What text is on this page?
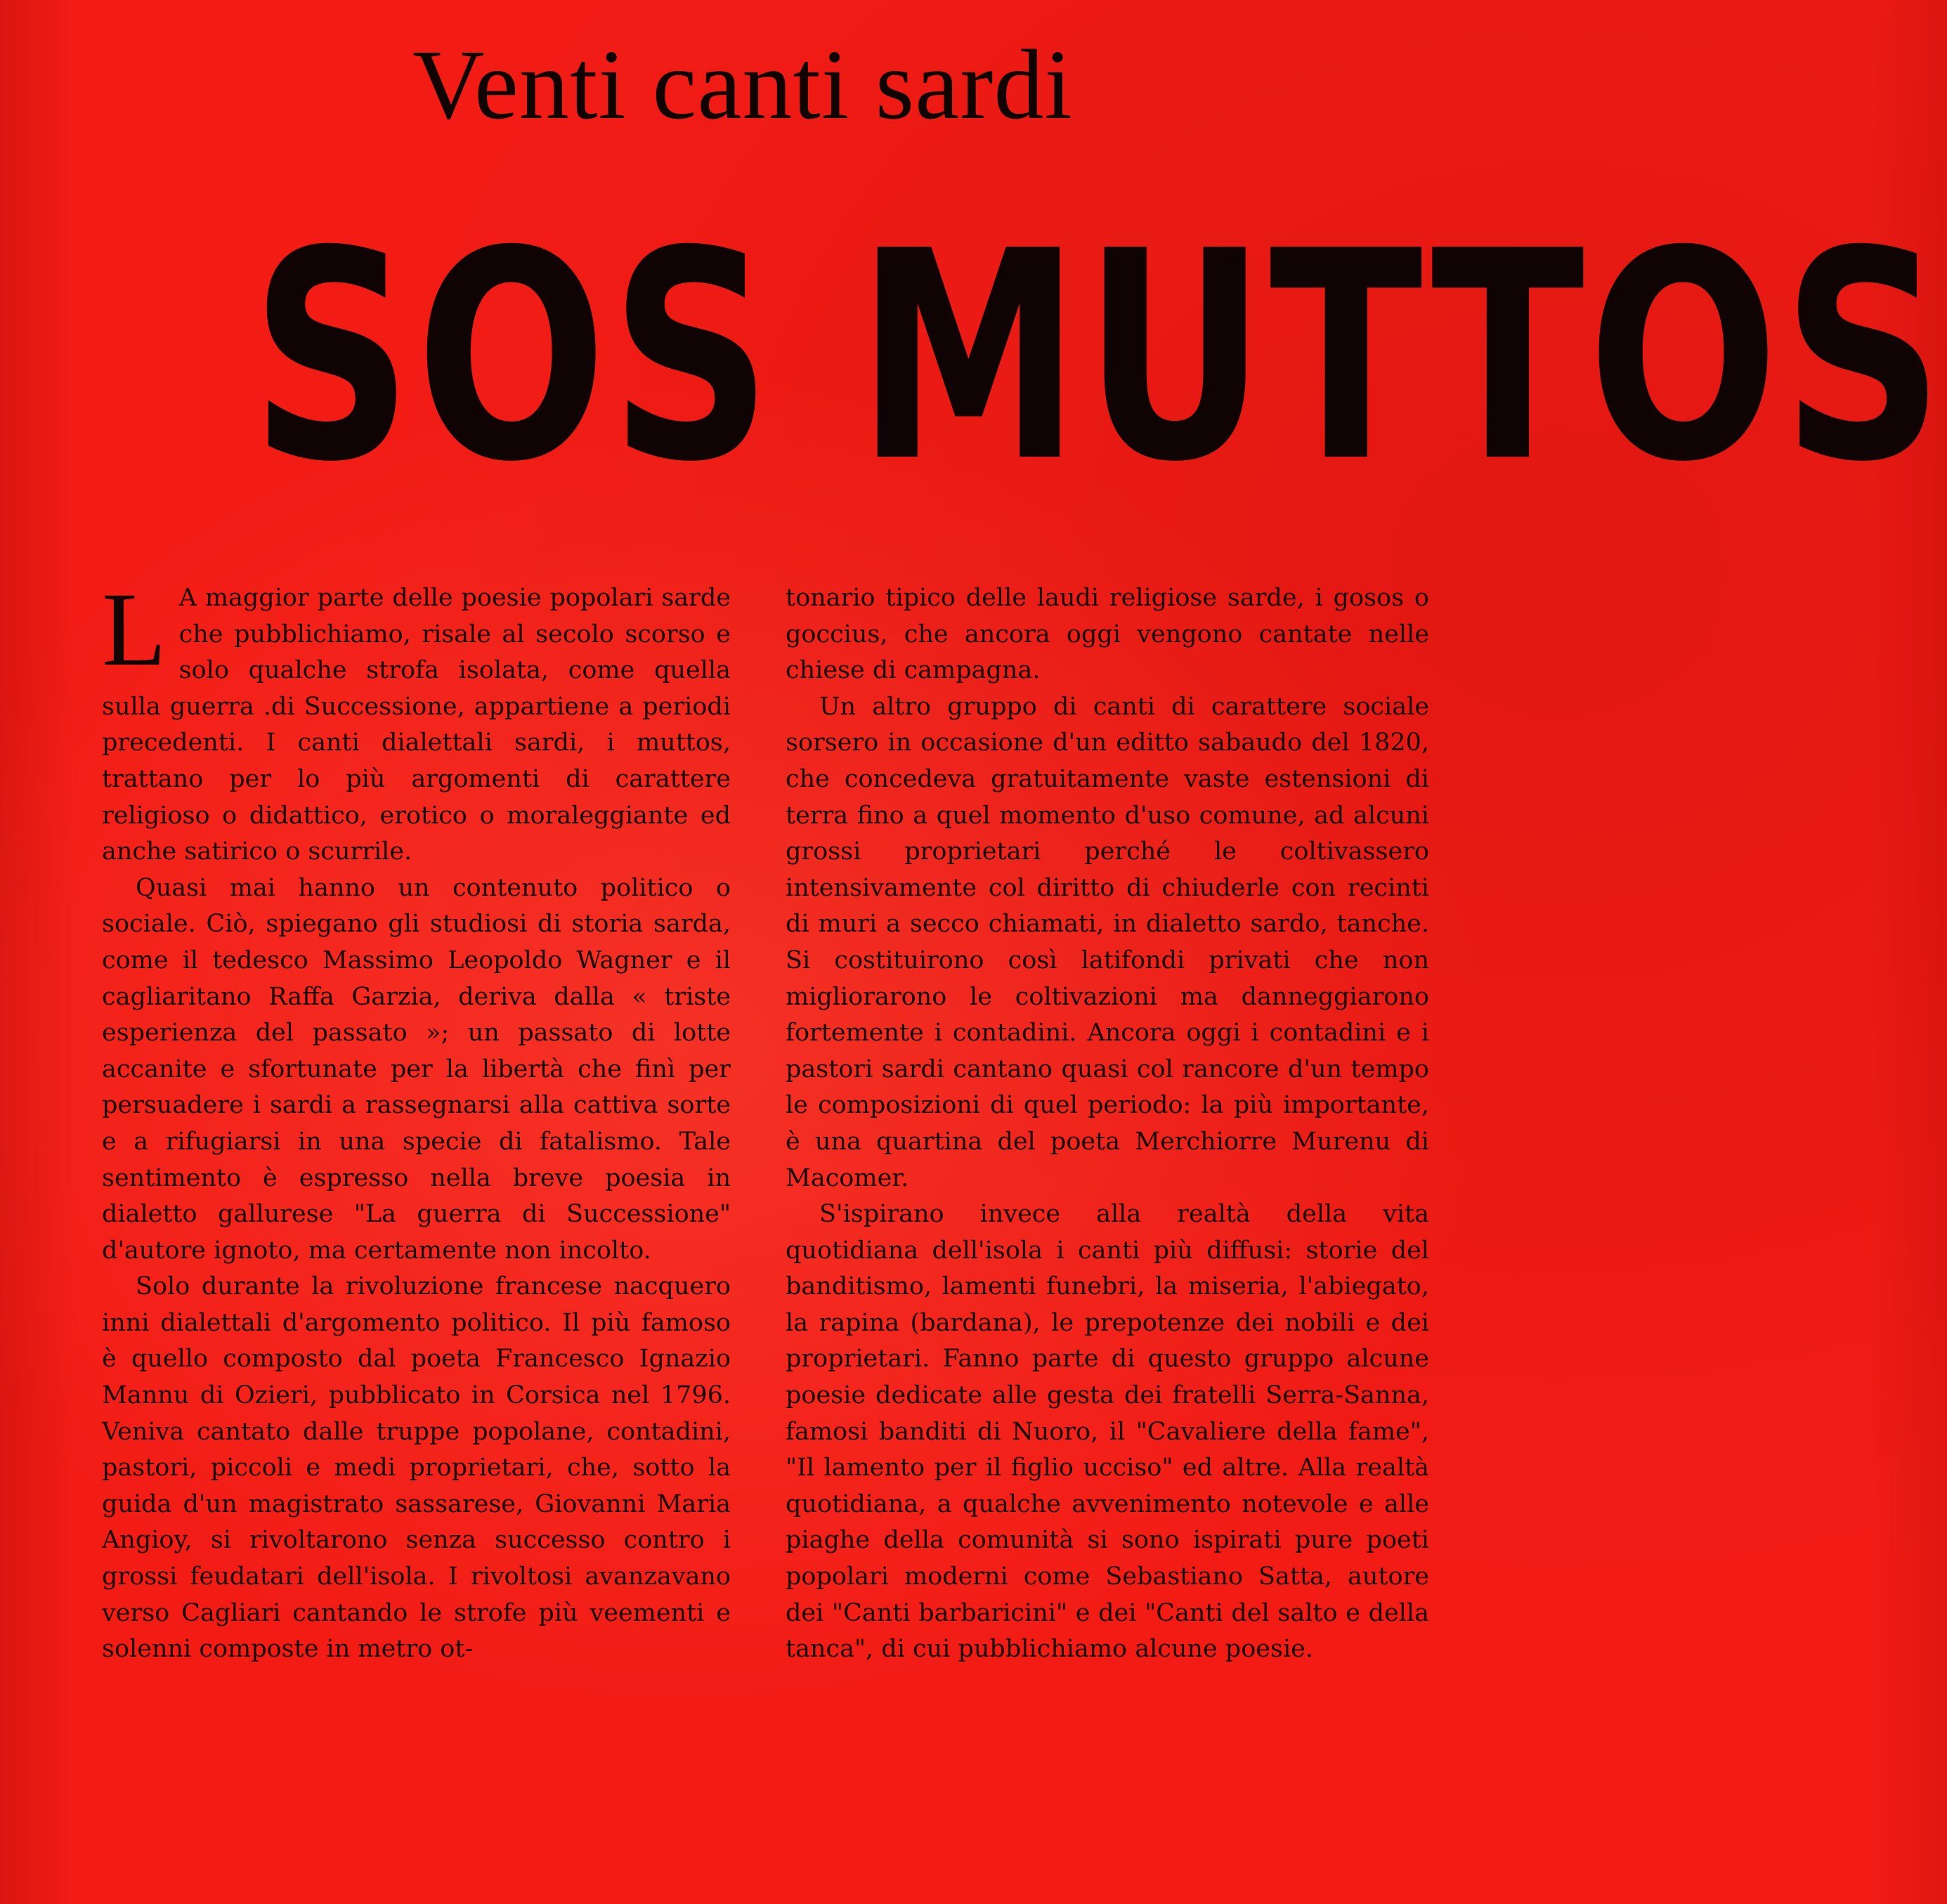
Venti canti sardi
SOS MUTTOS

L A maggior parte delle poesie popolari sarde che pubblichiamo, risale al secolo scorso e solo qualche strofa isolata, come quella sulla guerra .di Successione, appartiene a periodi precedenti. I canti dialettali sardi, i muttos, trattano per lo più argomenti di carattere religioso o didattico, erotico o moraleggiante ed anche satirico o scurrile.

Quasi mai hanno un contenuto politico o sociale. Ciò, spiegano gli studiosi di storia sarda, come il tedesco Massimo Leopoldo Wagner e il cagliaritano Raffa Garzia, deriva dalla « triste esperienza del passato »; un passato di lotte accanite e sfortunate per la libertà che finì per persuadere i sardi a rassegnarsi alla cattiva sorte e a rifugiarsi in una specie di fatalismo. Tale sentimento è espresso nella breve poesia in dialetto gallurese "La guerra di Successione" d'autore ignoto, ma certamente non incolto.

Solo durante la rivoluzione francese nacquero inni dialettali d'argomento politico. Il più famoso è quello composto dal poeta Francesco Ignazio Mannu di Ozieri, pubblicato in Corsica nel 1796. Veniva cantato dalle truppe popolane, contadini, pastori, piccoli e medi proprietari, che, sotto la guida d'un magistrato sassarese, Giovanni Maria Angioy, si rivoltarono senza successo contro i grossi feudatari dell'isola. I rivoltosi avanzavano verso Cagliari cantando le strofe più veementi e solenni composte in metro ot-

tonario tipico delle laudi religiose sarde, i gosos o goccius, che ancora oggi vengono cantate nelle chiese di campagna.

Un altro gruppo di canti di carattere sociale sorsero in occasione d'un editto sabaudo del 1820, che concedeva gratuitamente vaste estensioni di terra fino a quel momento d'uso comune, ad alcuni grossi proprietari perché le coltivassero intensivamente col diritto di chiuderle con recinti di muri a secco chiamati, in dialetto sardo, tanche. Si costituirono così latifondi privati che non migliorarono le coltivazioni ma danneggiarono fortemente i contadini. Ancora oggi i contadini e i pastori sardi cantano quasi col rancore d'un tempo le composizioni di quel periodo: la più importante, è una quartina del poeta Merchiorre Murenu di Macomer.

S'ispirano invece alla realtà della vita quotidiana dell'isola i canti più diffusi: storie del banditismo, lamenti funebri, la miseria, l'abiegato, la rapina (bardana), le prepotenze dei nobili e dei proprietari. Fanno parte di questo gruppo alcune poesie dedicate alle gesta dei fratelli Serra-Sanna, famosi banditi di Nuoro, il "Cavaliere della fame", "Il lamento per il figlio ucciso" ed altre. Alla realtà quotidiana, a qualche avvenimento notevole e alle piaghe della comunità si sono ispirati pure poeti popolari moderni come Sebastiano Satta, autore dei "Canti barbaricini" e dei "Canti del salto e della tanca", di cui pubblichiamo alcune poesie.
